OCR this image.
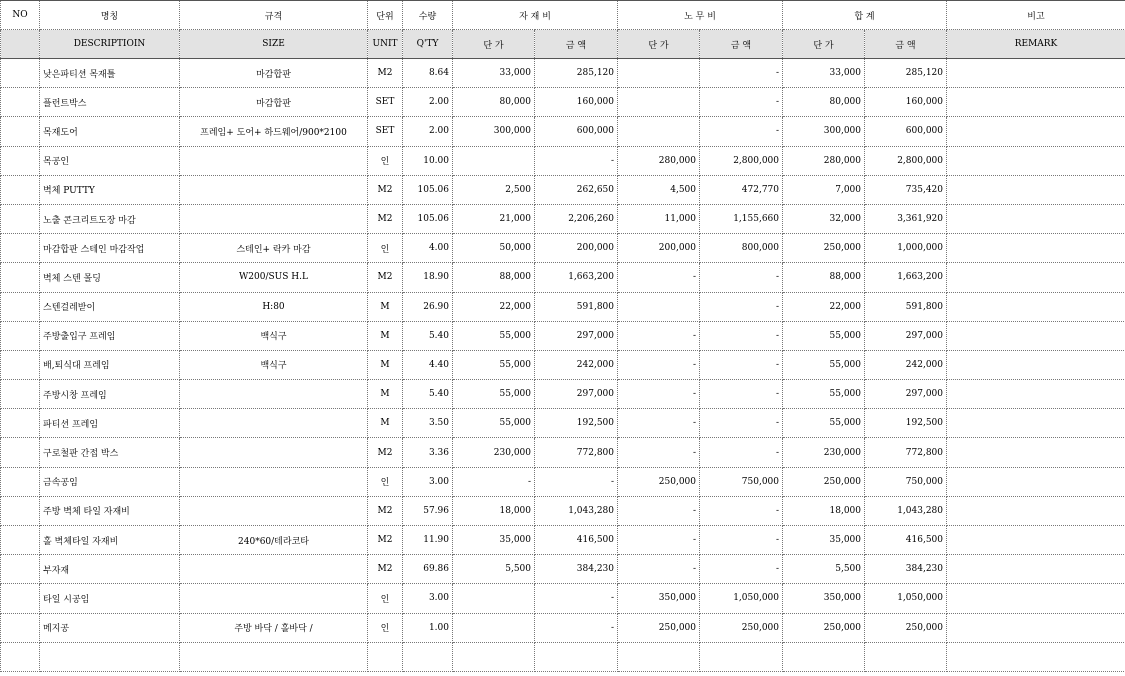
NO	명칭	규격	단위	수량	자 재 비		노 무 비		합 계		비고
	DESCRIPTIOIN	SIZE	UNIT	Q'TY	단 가	금 액	단 가	금 액	단 가	금 액	REMARK
	낮은파티션 목재틀	마감합판	M2	8.64	33,000	285,120		-	33,000	285,120	
	플런트박스	마감합판	SET	2.00	80,000	160,000		-	80,000	160,000	
	목재도어	프레임+ 도어+ 하드웨어/900*2100	SET	2.00	300,000	600,000		-	300,000	600,000	
	목공인		인	10.00		-	280,000	2,800,000	280,000	2,800,000	
	벽체 PUTTY		M2	105.06	2,500	262,650	4,500	472,770	7,000	735,420	
	노출 콘크리트도장 마감		M2	105.06	21,000	2,206,260	11,000	1,155,660	32,000	3,361,920	
	마감합판 스테인 마감작업	스테인+ 락카 마감	인	4.00	50,000	200,000	200,000	800,000	250,000	1,000,000	
	벽체 스텐 몰딩	W200/SUS H.L	M2	18.90	88,000	1,663,200	-	-	88,000	1,663,200	
	스텐걸레받이	H:80	M	26.90	22,000	591,800		-	22,000	591,800	
	주방출입구 프레임	백식구	M	5.40	55,000	297,000	-	-	55,000	297,000	
	배,퇴식대 프레임	백식구	M	4.40	55,000	242,000	-	-	55,000	242,000	
	주방시창 프레임		M	5.40	55,000	297,000	-	-	55,000	297,000	
	파티션 프레임		M	3.50	55,000	192,500	-	-	55,000	192,500	
	구로철판 간접 박스		M2	3.36	230,000	772,800	-	-	230,000	772,800	
	금속공임		인	3.00	-	-	250,000	750,000	250,000	750,000	
	주방 벽체 타일 자재비		M2	57.96	18,000	1,043,280	-	-	18,000	1,043,280	
	홀 벽체타일 자재비	240*60/테라코타	M2	11.90	35,000	416,500	-	-	35,000	416,500	
	부자재		M2	69.86	5,500	384,230	-	-	5,500	384,230	
	타일 시공임		인	3.00		-	350,000	1,050,000	350,000	1,050,000	
	메지공	주방 바닥 / 홀바닥 /	인	1.00		-	250,000	250,000	250,000	250,000	
